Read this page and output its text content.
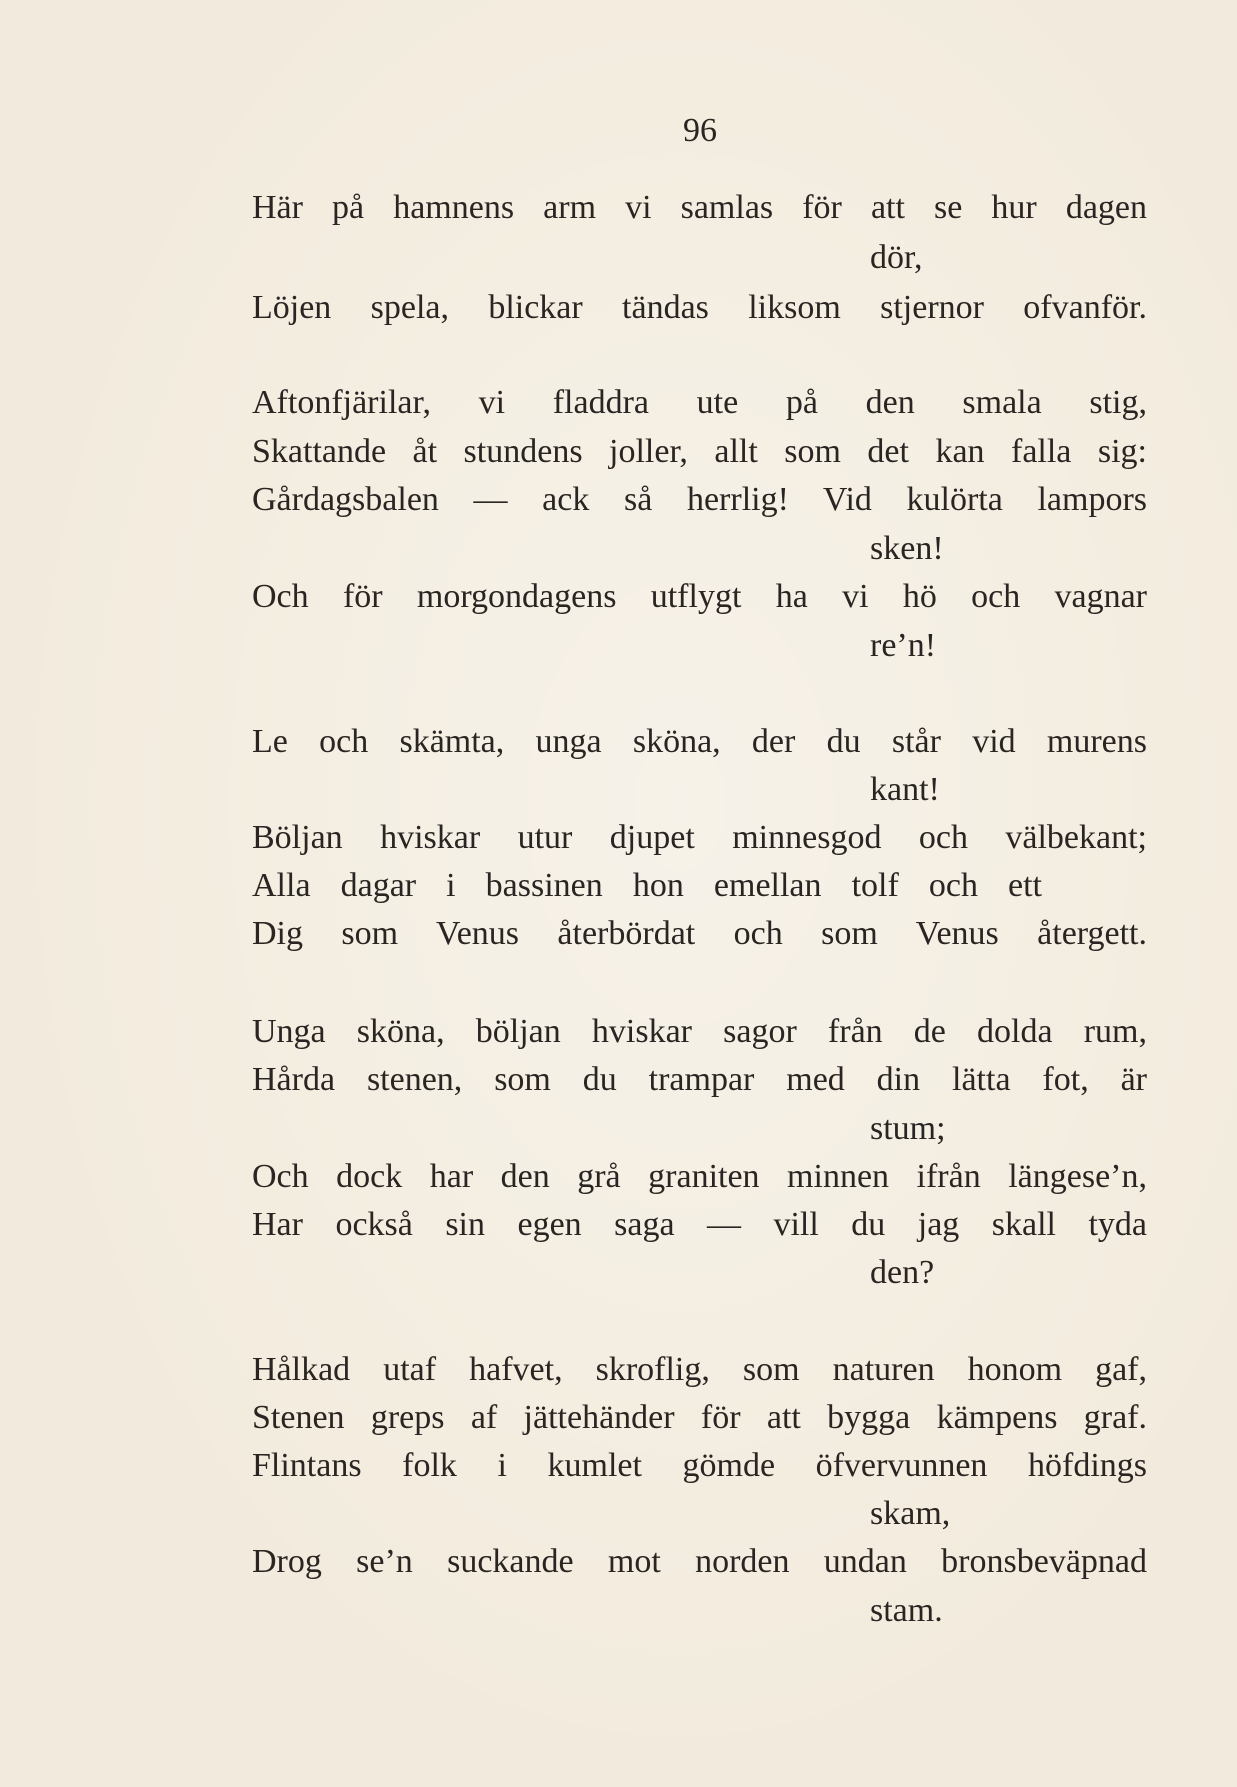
96
Här på hamnens arm vi samlas för att se hur dagen
dör,
Löjen spela, blickar tändas liksom stjernor ofvanför.
Aftonfjärilar, vi fladdra ute på den smala stig,
Skattande åt stundens joller, allt som det kan falla sig:
Gårdagsbalen — ack så herrlig! Vid kulörta lampors
sken!
Och för morgondagens utflygt ha vi hö och vagnar
re’n!
Le och skämta, unga sköna, der du står vid murens
kant!
Böljan hviskar utur djupet minnesgod och välbekant;
Alla dagar i bassinen hon emellan tolf och ett
Dig som Venus återbördat och som Venus återgett.
Unga sköna, böljan hviskar sagor från de dolda rum,
Hårda stenen, som du trampar med din lätta fot, är
stum;
Och dock har den grå graniten minnen ifrån längese’n,
Har också sin egen saga — vill du jag skall tyda
den?
Hålkad utaf hafvet, skroflig, som naturen honom gaf,
Stenen greps af jättehänder för att bygga kämpens graf.
Flintans folk i kumlet gömde öfvervunnen höfdings
skam,
Drog se’n suckande mot norden undan bronsbeväpnad
stam.
